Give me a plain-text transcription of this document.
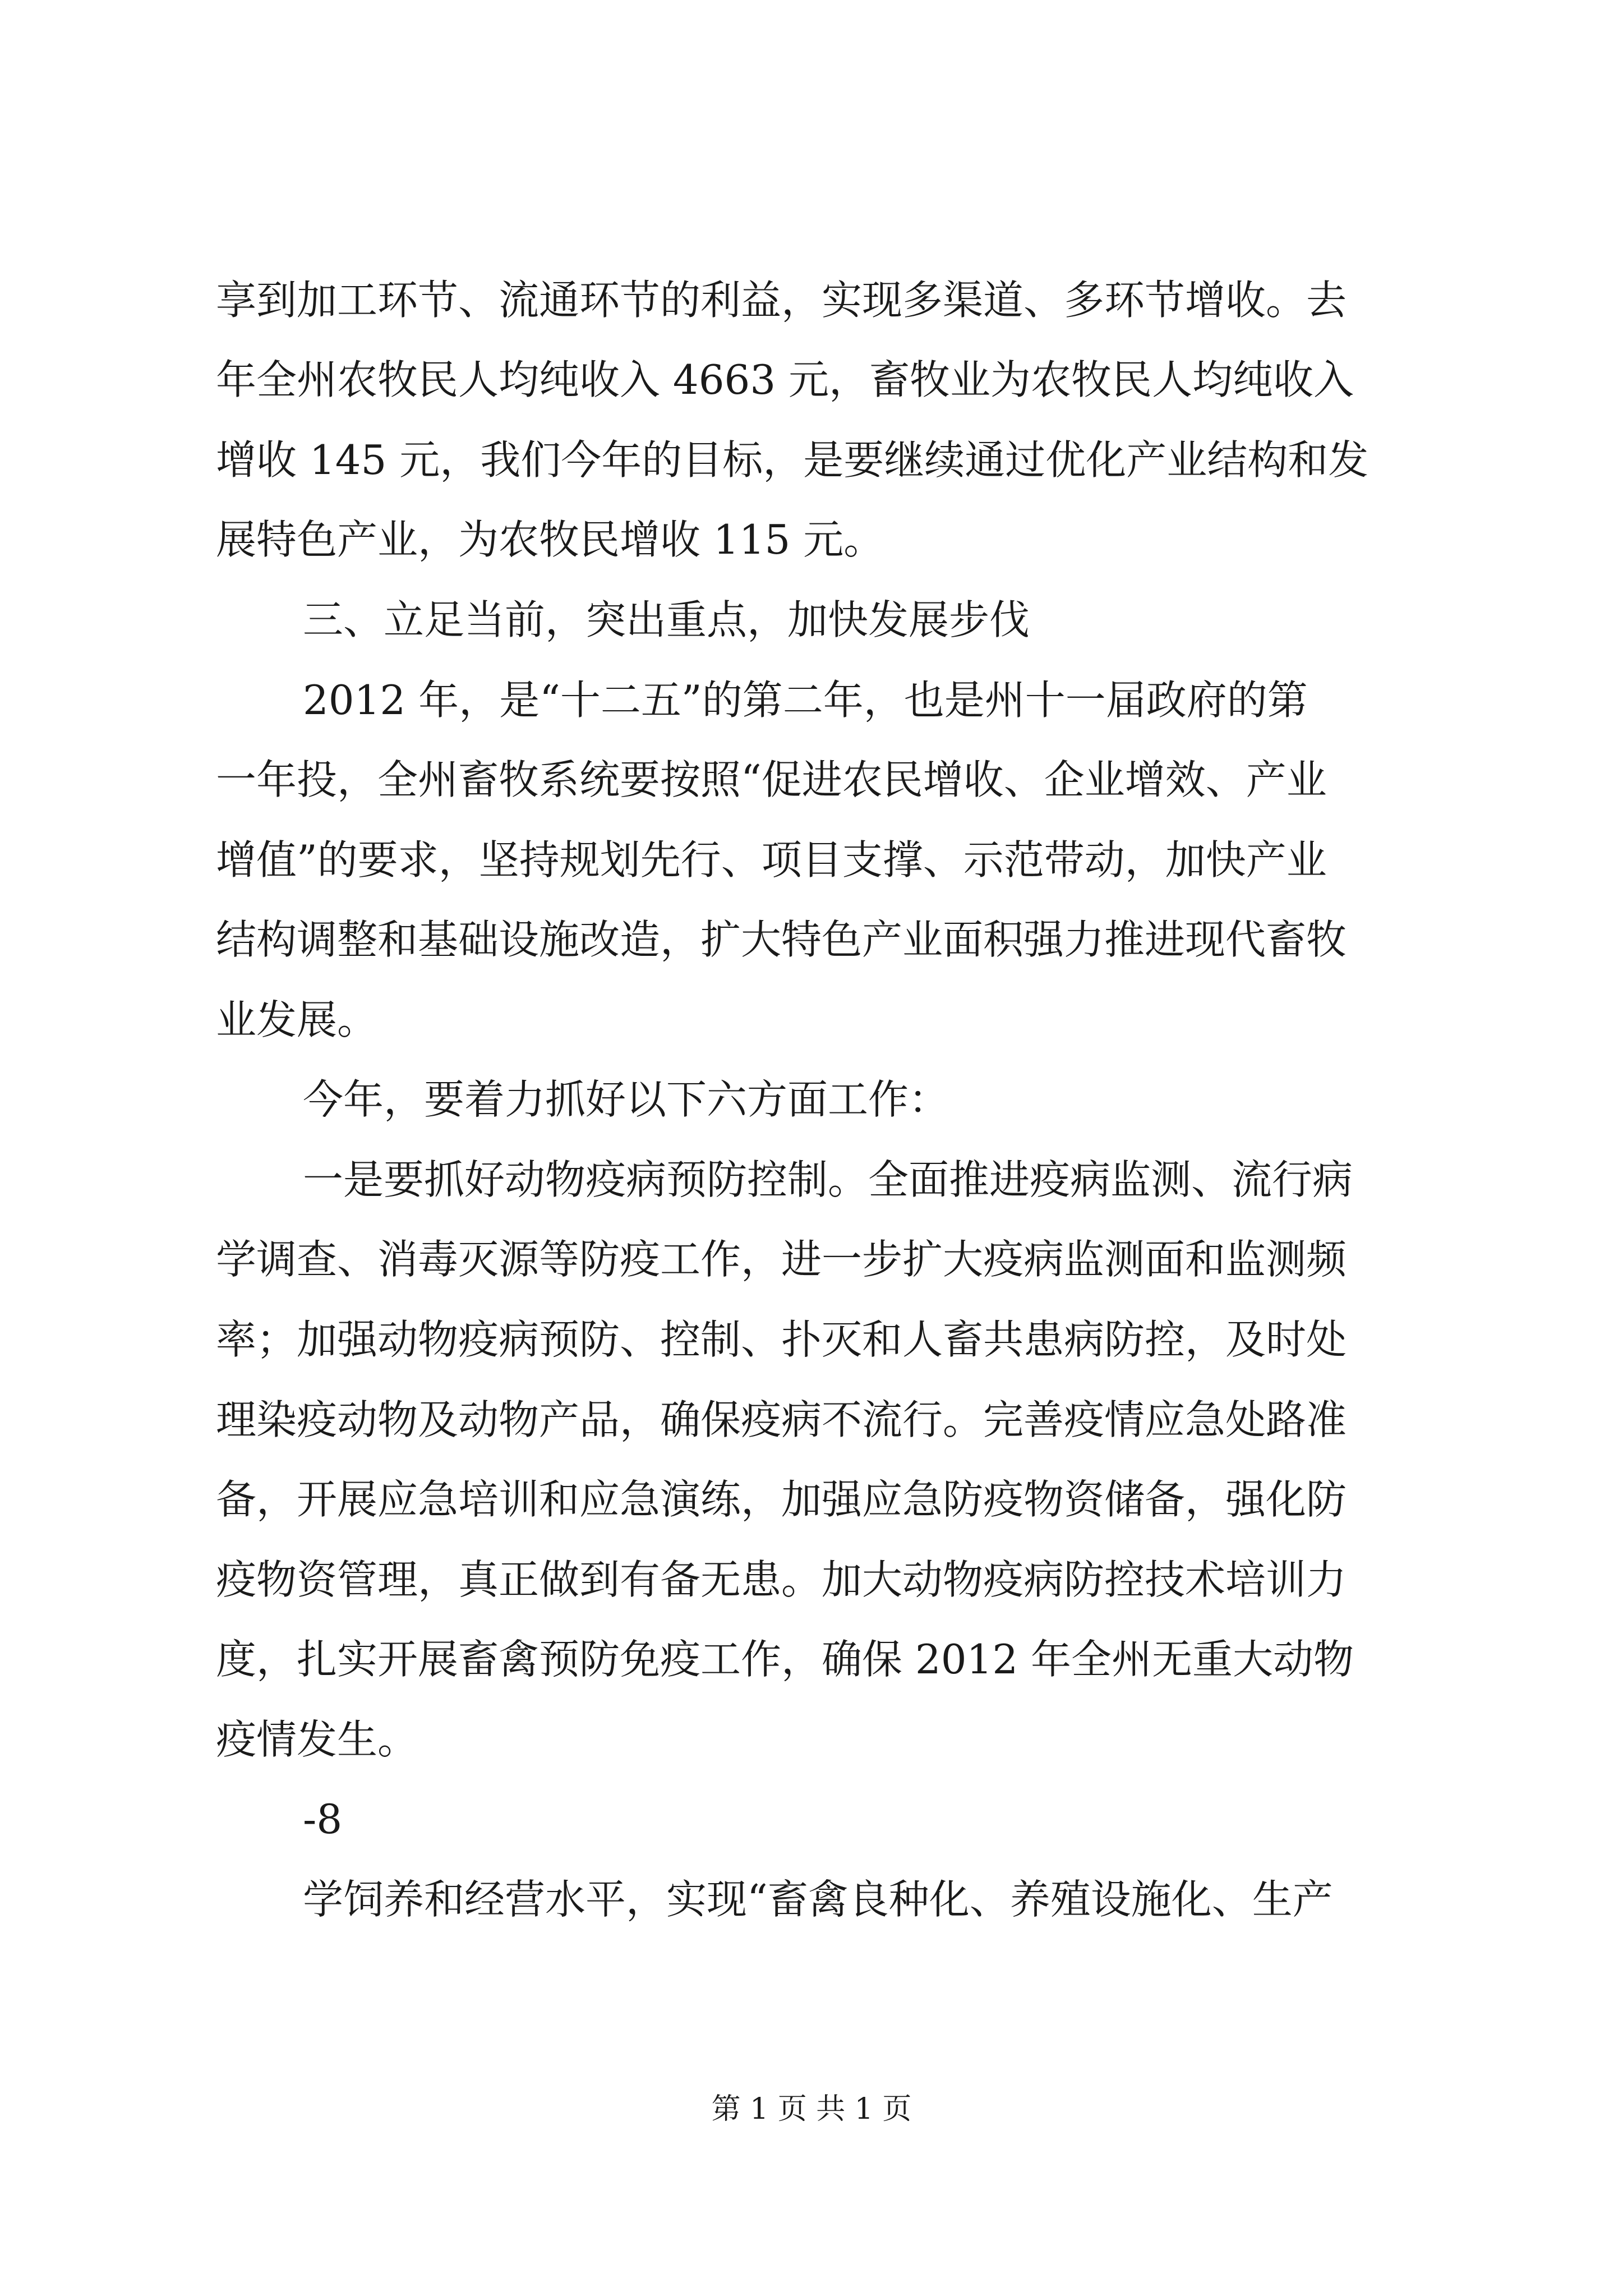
享到加工环节、流通环节的利益，实现多渠道、多环节增收。去
年全州农牧民人均纯收入 4663 元，畜牧业为农牧民人均纯收入
增收 145 元，我们今年的目标，是要继续通过优化产业结构和发
展特色产业，为农牧民增收 115 元。
三、立足当前，突出重点，加快发展步伐
2012 年，是“十二五”的第二年，也是州十一届政府的第
一年投，全州畜牧系统要按照“促进农民增收、企业增效、产业
增值”的要求，坚持规划先行、项目支撑、示范带动，加快产业
结构调整和基础设施改造，扩大特色产业面积强力推进现代畜牧
业发展。
今年，要着力抓好以下六方面工作：
一是要抓好动物疫病预防控制。全面推进疫病监测、流行病
学调查、消毒灭源等防疫工作，进一步扩大疫病监测面和监测频
率；加强动物疫病预防、控制、扑灭和人畜共患病防控，及时处
理染疫动物及动物产品，确保疫病不流行。完善疫情应急处路准
备，开展应急培训和应急演练，加强应急防疫物资储备，强化防
疫物资管理，真正做到有备无患。加大动物疫病防控技术培训力
度，扎实开展畜禽预防免疫工作，确保 2012 年全州无重大动物
疫情发生。
-8
学饲养和经营水平，实现“畜禽良种化、养殖设施化、生产
第 1 页 共 1 页
